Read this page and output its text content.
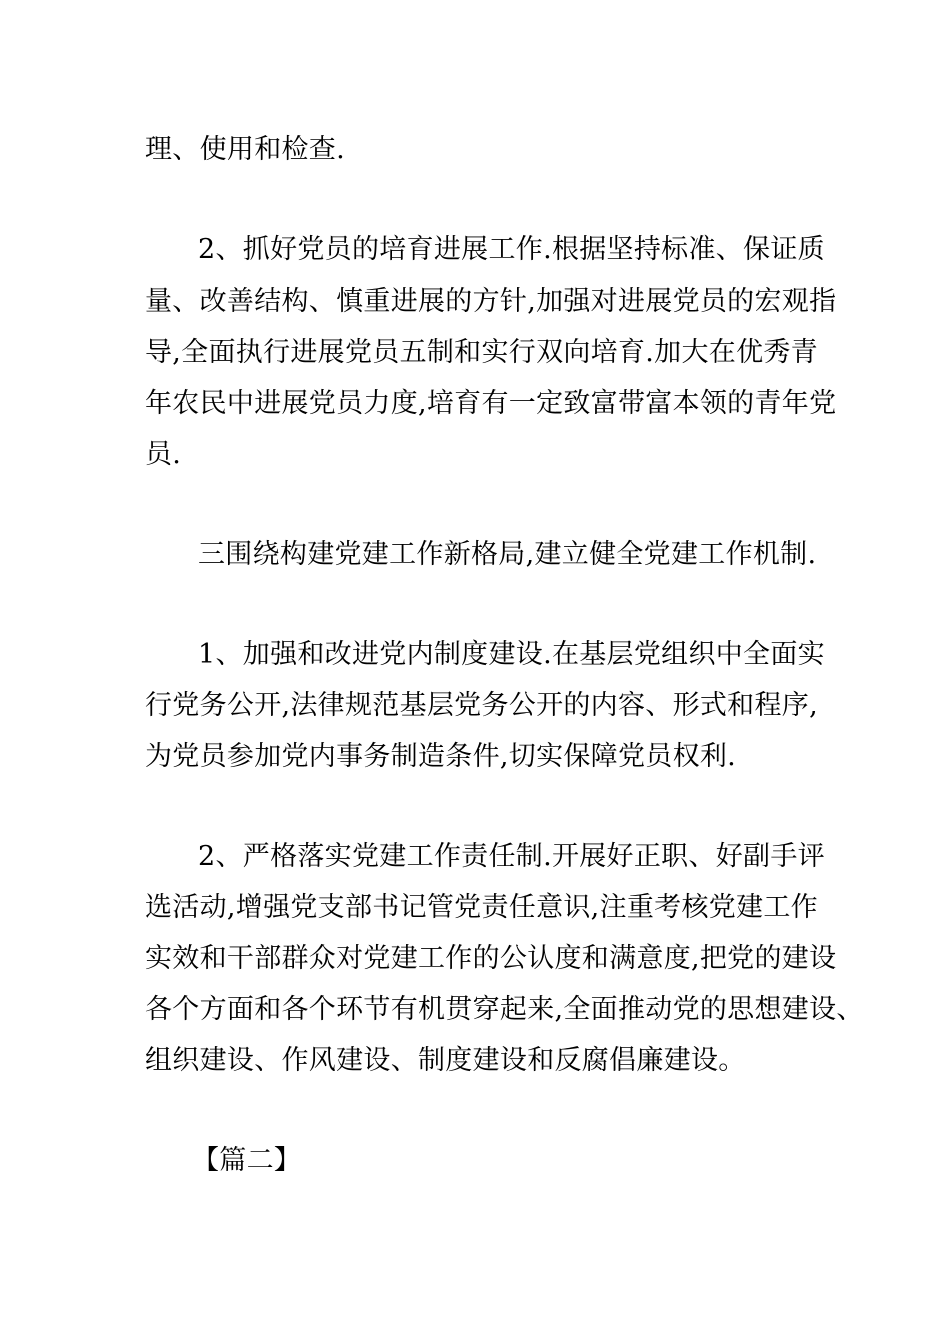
理、使用和检查.

2、抓好党员的培育进展工作.根据坚持标准、保证质

量、改善结构、慎重进展的方针,加强对进展党员的宏观指

导,全面执行进展党员五制和实行双向培育.加大在优秀青

年农民中进展党员力度,培育有一定致富带富本领的青年党

员.

三围绕构建党建工作新格局,建立健全党建工作机制.

1、加强和改进党内制度建设.在基层党组织中全面实

行党务公开,法律规范基层党务公开的内容、形式和程序,

为党员参加党内事务制造条件,切实保障党员权利.

2、严格落实党建工作责任制.开展好正职、好副手评

选活动,增强党支部书记管党责任意识,注重考核党建工作

实效和干部群众对党建工作的公认度和满意度,把党的建设

各个方面和各个环节有机贯穿起来,全面推动党的思想建设、

组织建设、作风建设、制度建设和反腐倡廉建设。

【篇二】
